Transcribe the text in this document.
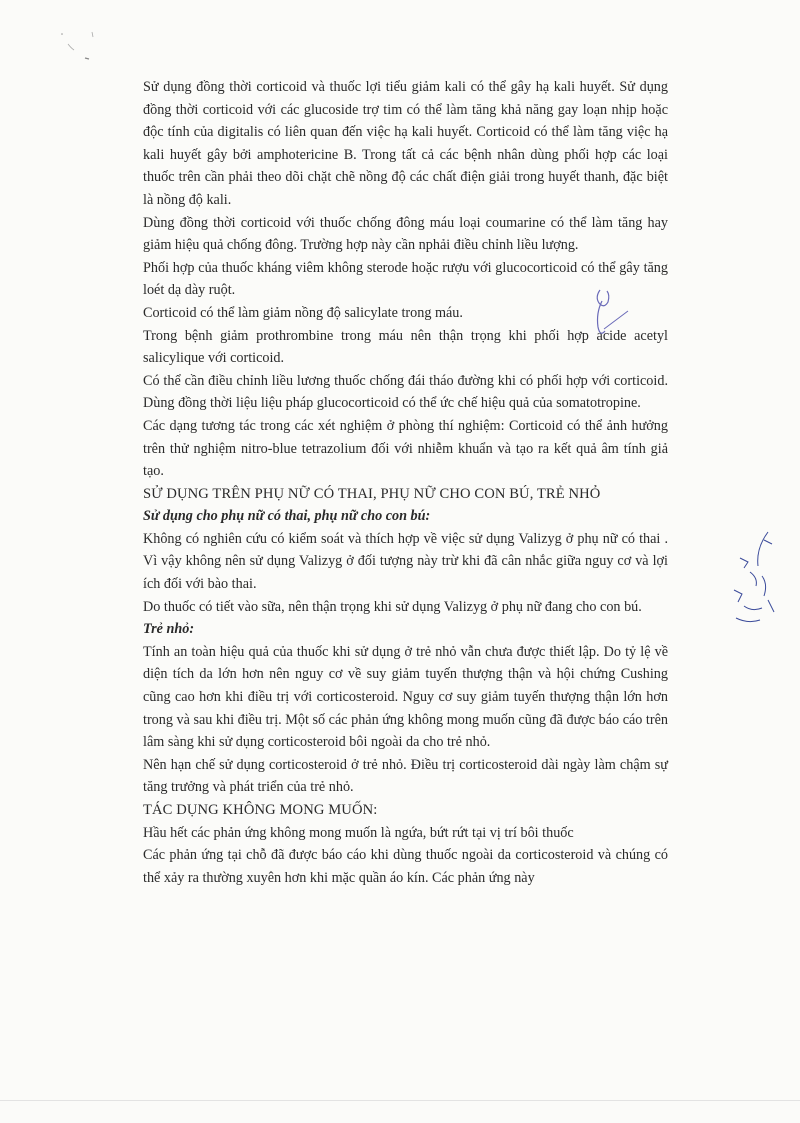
Sử dụng đồng thời corticoid và thuốc lợi tiểu giảm kali có thể gây hạ kali huyết. Sử dụng đồng thời corticoid với các glucoside trợ tim có thể làm tăng khả năng gay loạn nhịp hoặc độc tính của digitalis có liên quan đến việc hạ kali huyết. Corticoid có thể làm tăng việc hạ kali huyết gây bởi amphotericine B. Trong tất cả các bệnh nhân dùng phối hợp các loại thuốc trên cần phải theo dõi chặt chẽ nồng độ các chất điện giải trong huyết thanh, đặc biệt là nồng độ kali.

Dùng đồng thời corticoid với thuốc chống đông máu loại coumarine có thể làm tăng hay giảm hiệu quả chống đông. Trường hợp này cần nphải điều chỉnh liều lượng.

Phối hợp của thuốc kháng viêm không sterode hoặc rượu với glucocorticoid có thể gây tăng loét dạ dày ruột.

Corticoid có thể làm giảm nồng độ salicylate trong máu.

Trong bệnh giảm prothrombine trong máu nên thận trọng khi phối hợp acide acetyl salicylique với corticoid.

Có thể cần điều chỉnh liều lương thuốc chống đái tháo đường khi có phối hợp với corticoid. Dùng đồng thời liệu liệu pháp glucocorticoid có thể ức chế hiệu quả của somatotropine.

Các dạng tương tác trong các xét nghiệm ở phòng thí nghiệm: Corticoid có thể ảnh hưởng trên thử nghiệm nitro-blue tetrazolium đối với nhiễm khuẩn và tạo ra kết quả âm tính giả tạo.

SỬ DỤNG TRÊN PHỤ NỮ CÓ THAI, PHỤ NỮ CHO CON BÚ, TRẺ NHỎ

Sử dụng cho phụ nữ có thai, phụ nữ cho con bú:

Không có nghiên cứu có kiểm soát và thích hợp về việc sử dụng Valizyg ở phụ nữ có thai . Vì vậy không nên sử dụng Valizyg ở đối tượng này trừ khi đã cân nhắc giữa nguy cơ và lợi ích đối với bào thai.

Do thuốc có tiết vào sữa, nên thận trọng khi sử dụng Valizyg ở phụ nữ đang cho con bú.

Trẻ nhỏ:

Tính an toàn hiệu quả của thuốc khi sử dụng ở trẻ nhỏ vẫn chưa được thiết lập. Do tỷ lệ về diện tích da lớn hơn nên nguy cơ về suy giảm tuyến thượng thận và hội chứng Cushing cũng cao hơn khi điều trị với corticosteroid. Nguy cơ suy giảm tuyến thượng thận lớn hơn trong và sau khi điều trị. Một số các phản ứng không mong muốn cũng đã được báo cáo trên lâm sàng khi sử dụng corticosteroid bôi ngoài da cho trẻ nhỏ.

Nên hạn chế sử dụng corticosteroid ở trẻ nhỏ. Điều trị corticosteroid dài ngày làm chậm sự tăng trưởng và phát triển của trẻ nhỏ.

TÁC DỤNG KHÔNG MONG MUỐN:

Hầu hết các phản ứng không mong muốn là ngứa, bứt rứt tại vị trí bôi thuốc

Các phản ứng tại chỗ đã được báo cáo khi dùng thuốc ngoài da corticosteroid và chúng có thể xảy ra thường xuyên hơn khi mặc quần áo kín. Các phản ứng này
